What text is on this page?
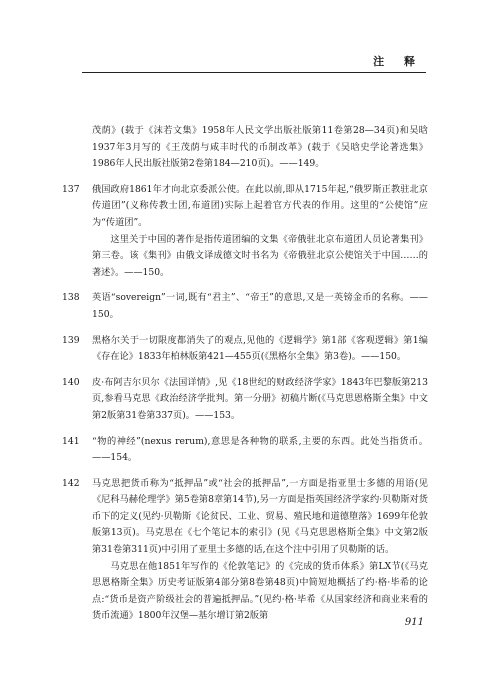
注 释

茂荫》(载于《沫若文集》1958年人民文学出版社版第11卷第28—34页)和吴晗1937年3月写的《王茂荫与咸丰时代的币制改革》(载于《吴晗史学论著选集》1986年人民出版社版第2卷第184—210页)。——149。

137	俄国政府1861年才向北京委派公使。在此以前,即从1715年起,“俄罗斯正教驻北京传道团”(义称传教士团,布道团)实际上起着官方代表的作用。这里的“公使馆”应为“传道团”。

这里关于中国的著作是指传道团编的文集《帝俄驻北京布道团人员论著集刊》第三卷。该《集刊》由俄文译成德文时书名为《帝俄驻北京公使馆关于中国……的著述》。——150。

138	英语“sovereign”一词,既有“君主”、“帝王”的意思,又是一英镑金币的名称。——150。

139	黑格尔关于一切限度都消失了的观点,见他的《逻辑学》第1部《客观逻辑》第1编《存在论》1833年柏林版第421—455页(《黑格尔全集》第3卷)。——150。

140	皮·布阿吉尔贝尔《法国详情》,见《18世纪的财政经济学家》1843年巴黎版第213页,参看马克思《政治经济学批判。第一分册》初稿片断(《马克思恩格斯全集》中文第2版第31卷第337页)。——153。

141	“物的神经”(nexus rerum),意思是各种物的联系,主要的东西。此处当指货币。——154。

142	马克思把货币称为“抵押品”或“社会的抵押品”,一方面是指亚里士多德的用语(见《尼科马赫伦理学》第5卷第8章第14节),另一方面是指英国经济学家约·贝勒斯对货币下的定义(见约·贝勒斯《论贫民、工业、贸易、殖民地和道德堕落》1699年伦敦版第13页)。马克思在《七个笔记本的索引》(见《马克思恩格斯全集》中文第2版第31卷第311页)中引用了亚里士多德的话,在这个注中引用了贝勒斯的话。

马克思在他1851年写作的《伦敦笔记》的《完成的货币体系》第LX节(《马克思恩格斯全集》历史考证版第4部分第8卷第48页)中简短地概括了约·格·毕希的论点:“货币是资产阶级社会的普遍抵押品。”(见约·格·毕希《从国家经济和商业来看的货币流通》1800年汉堡—基尔增订第2版第

911
